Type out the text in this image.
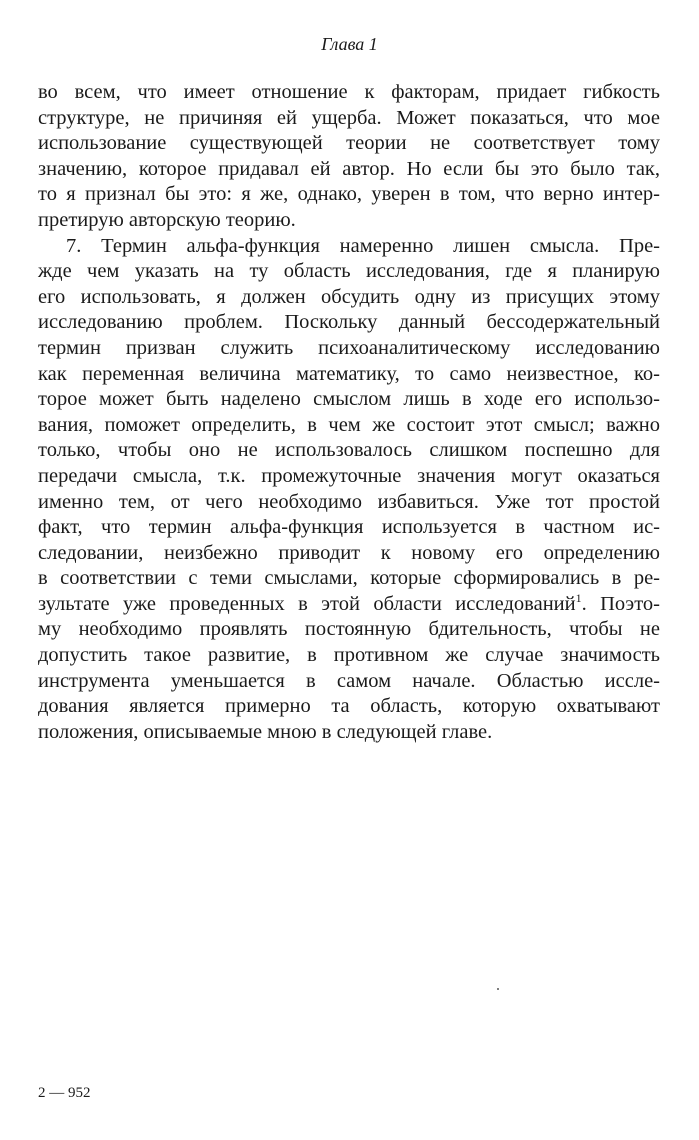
Глава 1
во всем, что имеет отношение к факторам, придает гибкость
структуре, не причиняя ей ущерба. Может показаться, что мое
использование существующей теории не соответствует тому
значению, которое придавал ей автор. Но если бы это было так,
то я признал бы это: я же, однако, уверен в том, что верно интер-
претирую авторскую теорию.
7. Термин альфа-функция намеренно лишен смысла. Пре-
жде чем указать на ту область исследования, где я планирую
его использовать, я должен обсудить одну из присущих этому
исследованию проблем. Поскольку данный бессодержательный
термин призван служить психоаналитическому исследованию
как переменная величина математику, то само неизвестное, ко-
торое может быть наделено смыслом лишь в ходе его использо-
вания, поможет определить, в чем же состоит этот смысл; важно
только, чтобы оно не использовалось слишком поспешно для
передачи смысла, т.к. промежуточные значения могут оказаться
именно тем, от чего необходимо избавиться. Уже тот простой
факт, что термин альфа-функция используется в частном ис-
следовании, неизбежно приводит к новому его определению
в соответствии с теми смыслами, которые сформировались в ре-
зультате уже проведенных в этой области исследований$^1$. Поэто-
му необходимо проявлять постоянную бдительность, чтобы не
допустить такое развитие, в противном же случае значимость
инструмента уменьшается в самом начале. Областью иссле-
дования является примерно та область, которую охватывают
положения, описываемые мною в следующей главе.
2 — 952
